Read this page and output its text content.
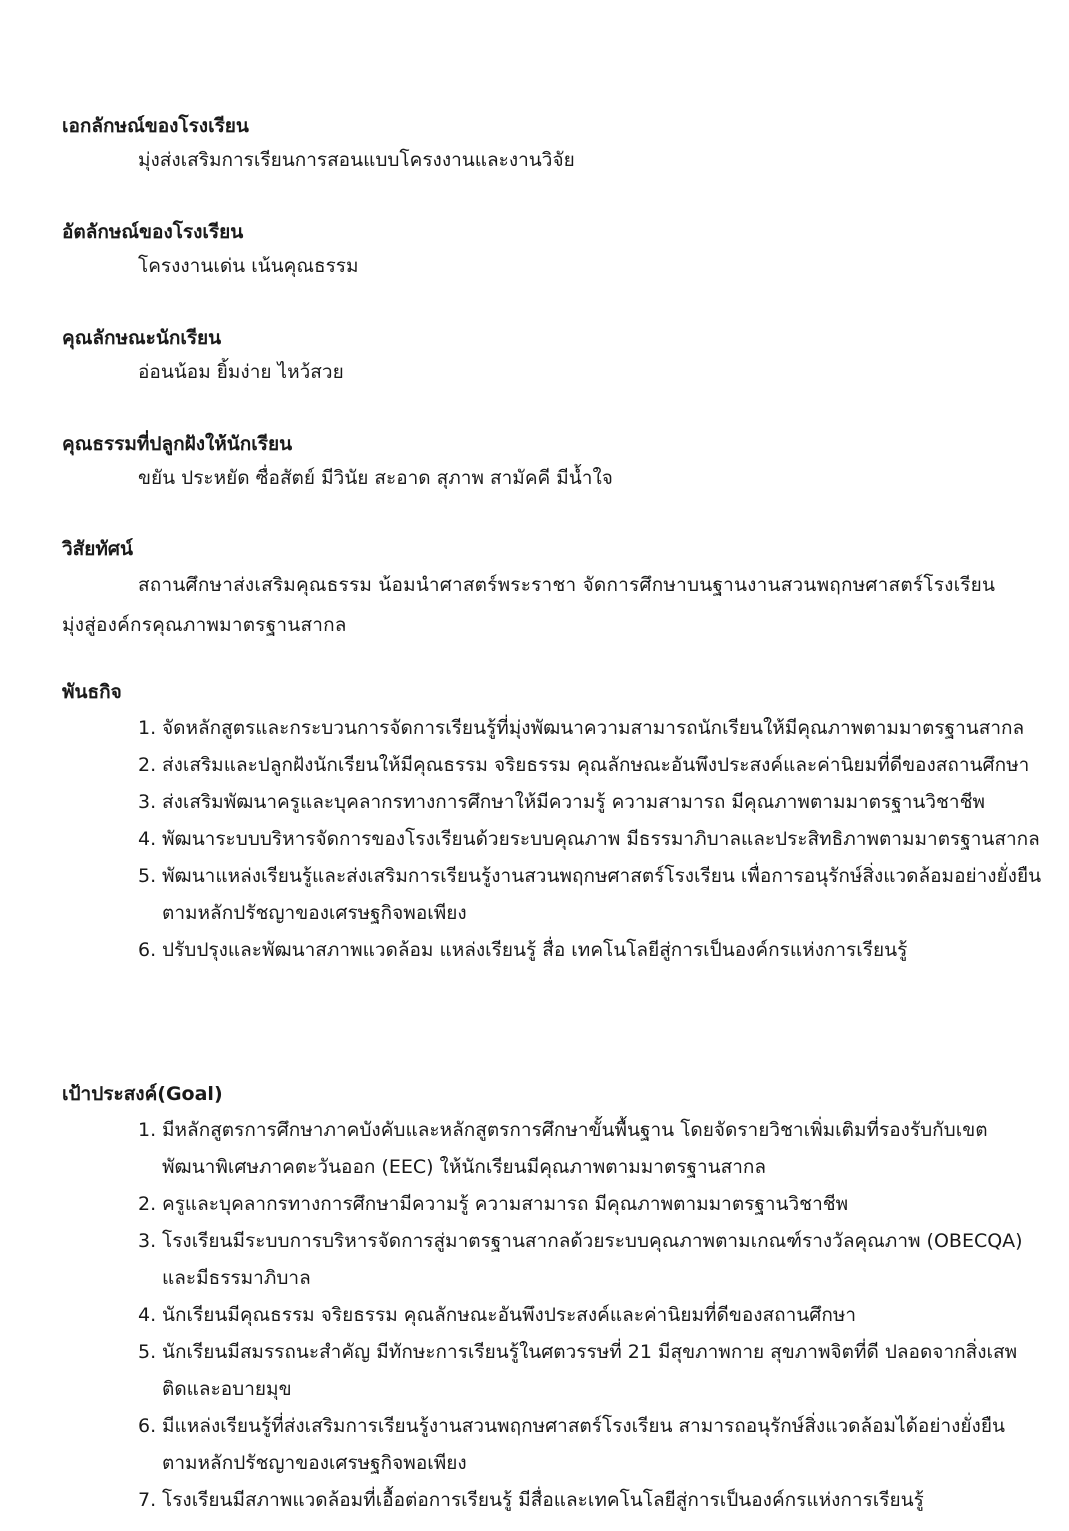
เอกลักษณ์ของโรงเรียน

มุ่งส่งเสริมการเรียนการสอนแบบโครงงานและงานวิจัย

อัตลักษณ์ของโรงเรียน

โครงงานเด่น เน้นคุณธรรม

คุณลักษณะนักเรียน

อ่อนน้อม ยิ้มง่าย ไหว้สวย

คุณธรรมที่ปลูกฝังให้นักเรียน

ขยัน ประหยัด ซื่อสัตย์ มีวินัย สะอาด สุภาพ สามัคคี มีน้ำใจ

วิสัยทัศน์

สถานศึกษาส่งเสริมคุณธรรม น้อมนำศาสตร์พระราชา จัดการศึกษาบนฐานงานสวนพฤกษศาสตร์โรงเรียน มุ่งสู่องค์กรคุณภาพมาตรฐานสากล

พันธกิจ

1. จัดหลักสูตรและกระบวนการจัดการเรียนรู้ที่มุ่งพัฒนาความสามารถนักเรียนให้มีคุณภาพตามมาตรฐานสากล
2. ส่งเสริมและปลูกฝังนักเรียนให้มีคุณธรรม จริยธรรม คุณลักษณะอันพึงประสงค์และค่านิยมที่ดีของสถานศึกษา
3. ส่งเสริมพัฒนาครูและบุคลากรทางการศึกษาให้มีความรู้ ความสามารถ มีคุณภาพตามมาตรฐานวิชาชีพ
4. พัฒนาระบบบริหารจัดการของโรงเรียนด้วยระบบคุณภาพ มีธรรมาภิบาลและประสิทธิภาพตามมาตรฐานสากล
5. พัฒนาแหล่งเรียนรู้และส่งเสริมการเรียนรู้งานสวนพฤกษศาสตร์โรงเรียน เพื่อการอนุรักษ์สิ่งแวดล้อมอย่างยั่งยืน ตามหลักปรัชญาของเศรษฐกิจพอเพียง
6. ปรับปรุงและพัฒนาสภาพแวดล้อม แหล่งเรียนรู้ สื่อ เทคโนโลยีสู่การเป็นองค์กรแห่งการเรียนรู้

เป้าประสงค์(Goal)

1. มีหลักสูตรการศึกษาภาคบังคับและหลักสูตรการศึกษาขั้นพื้นฐาน โดยจัดรายวิชาเพิ่มเติมที่รองรับกับเขตพัฒนาพิเศษภาคตะวันออก (EEC) ให้นักเรียนมีคุณภาพตามมาตรฐานสากล
2. ครูและบุคลากรทางการศึกษามีความรู้ ความสามารถ มีคุณภาพตามมาตรฐานวิชาชีพ
3. โรงเรียนมีระบบการบริหารจัดการสู่มาตรฐานสากลด้วยระบบคุณภาพตามเกณฑ์รางวัลคุณภาพ (OBECQA) และมีธรรมาภิบาล
4. นักเรียนมีคุณธรรม จริยธรรม คุณลักษณะอันพึงประสงค์และค่านิยมที่ดีของสถานศึกษา
5. นักเรียนมีสมรรถนะสำคัญ มีทักษะการเรียนรู้ในศตวรรษที่ 21 มีสุขภาพกาย สุขภาพจิตที่ดี ปลอดจากสิ่งเสพติดและอบายมุข
6. มีแหล่งเรียนรู้ที่ส่งเสริมการเรียนรู้งานสวนพฤกษศาสตร์โรงเรียน สามารถอนุรักษ์สิ่งแวดล้อมได้อย่างยั่งยืน ตามหลักปรัชญาของเศรษฐกิจพอเพียง
7. โรงเรียนมีสภาพแวดล้อมที่เอื้อต่อการเรียนรู้ มีสื่อและเทคโนโลยีสู่การเป็นองค์กรแห่งการเรียนรู้
